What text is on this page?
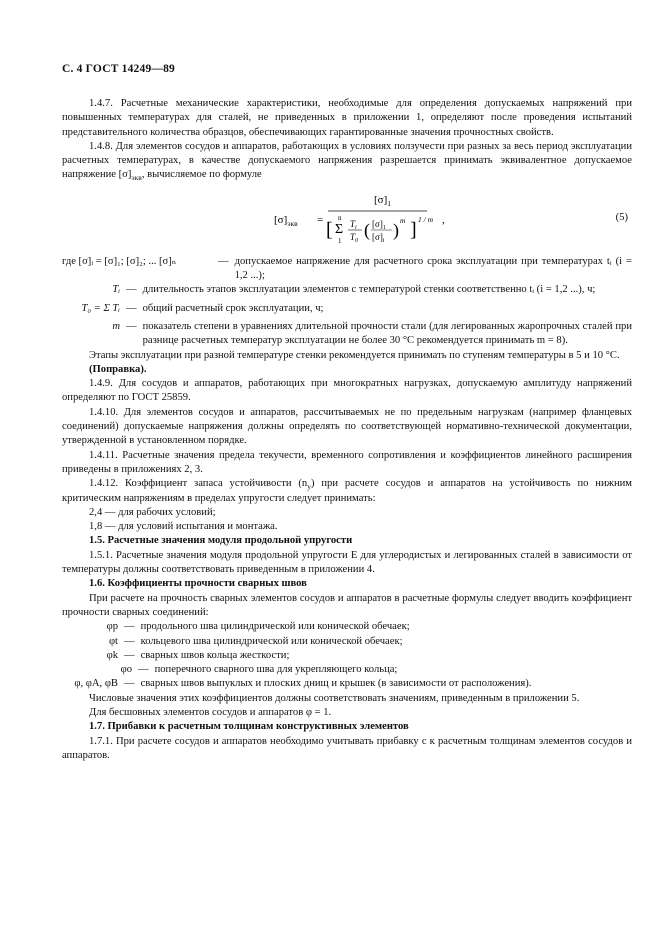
С. 4 ГОСТ 14249—89

1.4.7. Расчетные механические характеристики, необходимые для определения допускаемых напряжений при повышенных температурах для сталей, не приведенных в приложении 1, определяют после проведения испытаний представительного количества образцов, обеспечивающих гарантированные значения прочностных свойств.

1.4.8. Для элементов сосудов и аппаратов, работающих в условиях ползучести при разных за весь период эксплуатации расчетных температурах, в качестве допускаемого напряжения разрешается принимать эквивалентное допускаемое напряжение $[\sigma]_{экв}$, вычисляемое по формуле

$[\sigma]_{экв}$ =
$[\sigma]_1$
[
n
Σ
1
$T_i$
$T_0$
( $[\sigma]_1$
$[\sigma]_i$
) m ] 1 / m ,	(5)
где [σ]ᵢ = [σ]₁; [σ]₂; ... [σ]ₙ	— допускаемое напряжение для расчетного срока эксплуатации при температурах tᵢ (i = 1,2 ...);
Tᵢ — длительность этапов эксплуатации элементов с температурой стенки соответственно tᵢ (i = 1,2 ...), ч;
T₀ = Σ Tᵢ — общий расчетный срок эксплуатации, ч;
m — показатель степени в уравнениях длительной прочности стали (для легированных жаропрочных сталей при разнице расчетных температур эксплуатации не более 30 °С рекомендуется принимать m = 8).

Этапы эксплуатации при разной температуре стенки рекомендуется принимать по ступеням температуры в 5 и 10 °С.

(Поправка).

1.4.9. Для сосудов и аппаратов, работающих при многократных нагрузках, допускаемую амплитуду напряжений определяют по ГОСТ 25859.

1.4.10. Для элементов сосудов и аппаратов, рассчитываемых не по предельным нагрузкам (например фланцевых соединений) допускаемые напряжения должны определять по соответствующей нормативно-технической документации, утвержденной в установленном порядке.

1.4.11. Расчетные значения предела текучести, временного сопротивления и коэффициентов линейного расширения приведены в приложениях 2, 3.

1.4.12. Коэффициент запаса устойчивости $(n_y)$ при расчете сосудов и аппаратов на устойчивость по нижним критическим напряжениям в пределах упругости следует принимать:

2,4 — для рабочих условий;

1,8 — для условий испытания и монтажа.

1.5. Расчетные значения модуля продольной упругости

1.5.1. Расчетные значения модуля продольной упругости E для углеродистых и легированных сталей в зависимости от температуры должны соответствовать приведенным в приложении 4.

1.6. Коэффициенты прочности сварных швов

При расчете на прочность сварных элементов сосудов и аппаратов в расчетные формулы следует вводить коэффициент прочности сварных соединений:

φp — продольного шва цилиндрической или конической обечаек;
φt — кольцевого шва цилиндрической или конической обечаек;
φk — сварных швов кольца жесткости;
φo — поперечного сварного шва для укрепляющего кольца;
φ, φA, φB — сварных швов выпуклых и плоских днищ и крышек (в зависимости от расположения).

Числовые значения этих коэффициентов должны соответствовать значениям, приведенным в приложении 5.

Для бесшовных элементов сосудов и аппаратов φ = 1.

1.7. Прибавки к расчетным толщинам конструктивных элементов

1.7.1. При расчете сосудов и аппаратов необходимо учитывать прибавку c к расчетным толщинам элементов сосудов и аппаратов.
